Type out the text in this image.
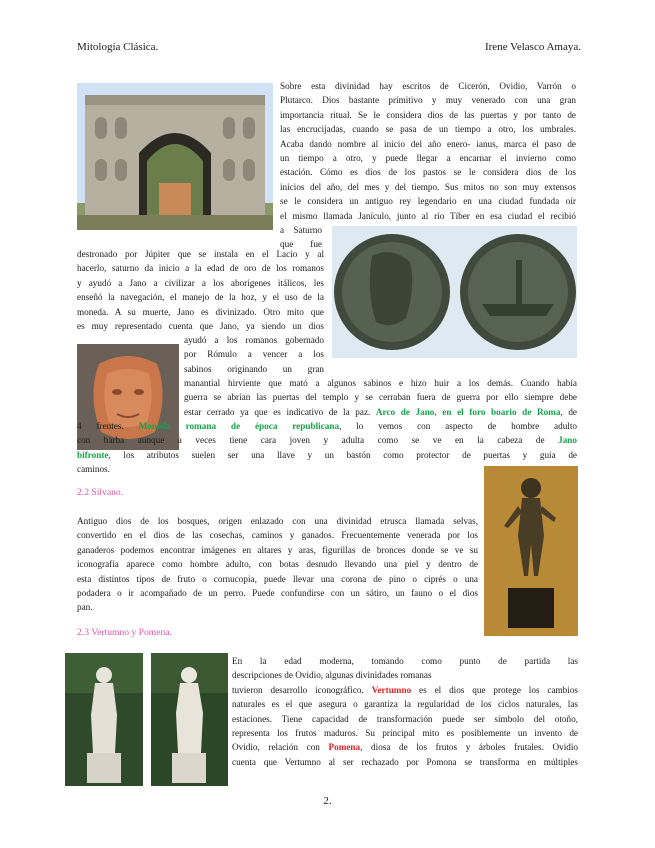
Mitología Clásica.	Irene Velasco Amaya.
Sobre esta divinidad hay escritos de Cicerón, Ovidio, Varrón o
Plutarco. Dios bastante primitivo y muy venerado con una gran
importancia ritual. Se le considera dios de las puertas y por tanto de
las encrucijadas, cuando se pasa de un tiempo a otro, los umbrales.
Acaba dando nombre al inicio del año enero- ianus, marca el paso de
un tiempo a otro, y puede llegar a encarnar el invierno como
estación. Cómo es dios de los pastos se le considera dios de los
inicios del año, del mes y del tiempo. Sus mitos no son muy extensos
se le considera un antiguo rey legendario en una ciudad fundada oír
el mismo llamada Janículo, junto al río Tíber en esa ciudad el recibió
a Saturno
que fue
destronado por Júpiter que se instala en el Lacio y al
hacerlo, saturno da inicio a la edad de oro de los romanos
y ayudó a Jano a civilizar a los aborígenes itálicos, les
enseñó la navegación, el manejo de la hoz, y el uso de la
moneda. A su muerte, Jano es divinizado. Otro mito que
es muy representado cuenta que Jano, ya siendo un dios
ayudó a los romanos gobernado
por Rómulo a vencer a los
sabinos originando un gran
manantial hirviente que mató a algunos sabinos e hizo huir a los demás. Cuando había
guerra se abrían las puertas del templo y se cerraban fuera de guerra por ello siempre debe
estar cerrado ya que es indicativo de la paz. Arco de Jano, en el foro boario de Roma, de
4 frentes. Moneda romana de época republicana, lo vemos con aspecto de hombre adulto
con barba aunque a veces tiene cara joven y adulta como se ve en la cabeza de Jano
bifronte, los atributos suelen ser una llave y un bastón como protector de puertas y guía de
caminos.
2.2 Silvano.
Antiguo dios de los bosques, origen enlazado con una divinidad etrusca llamada selvas,
convertido en el dios de las cosechas, caminos y ganados. Frecuentemente venerada por los
ganaderos podemos encontrar imágenes en altares y aras, figurillas de bronces donde se ve su
iconografía aparece como hombre adulto, con botas desnudo llevando una piel y dentro de
esta distintos tipos de fruto o cornucopia, puede llevar una corona de pino o ciprés o una
podadera o ir acompañado de un perro. Puede confundirse con un sátiro, un fauno o el dios
pan.
2.3 Vertumno y Pomena.
En la edad moderna, tomando como punto de partida las
descripciones de Ovidio, algunas divinidades romanas
tuvieron desarrollo iconográfico. Vertumno es el dios que protege los cambios
naturales es el que asegura o garantiza la regularidad de los ciclos naturales, las
estaciones. Tiene capacidad de transformación puede ser símbolo del otoño,
representa los frutos maduros. Su principal mito es posiblemente un invento de
Ovidio, relación con Pomena, diosa de los frutos y árboles frutales. Ovidio
cuenta que Vertumno al ser rechazado por Pomona se transforma en múltiples
2.
